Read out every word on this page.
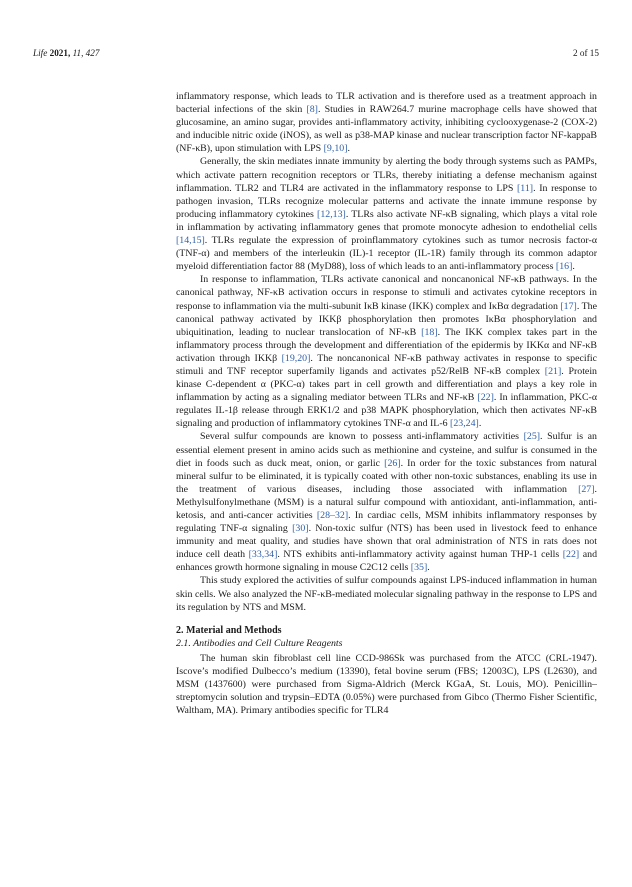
Life 2021, 11, 427	2 of 15

inflammatory response, which leads to TLR activation and is therefore used as a treatment approach in bacterial infections of the skin [8]. Studies in RAW264.7 murine macrophage cells have showed that glucosamine, an amino sugar, provides anti-inflammatory activity, inhibiting cyclooxygenase-2 (COX-2) and inducible nitric oxide (iNOS), as well as p38-MAP kinase and nuclear transcription factor NF-kappaB (NF-κB), upon stimulation with LPS [9,10].

Generally, the skin mediates innate immunity by alerting the body through systems such as PAMPs, which activate pattern recognition receptors or TLRs, thereby initiating a defense mechanism against inflammation. TLR2 and TLR4 are activated in the inflammatory response to LPS [11]. In response to pathogen invasion, TLRs recognize molecular patterns and activate the innate immune response by producing inflammatory cytokines [12,13]. TLRs also activate NF-κB signaling, which plays a vital role in inflammation by activating inflammatory genes that promote monocyte adhesion to endothelial cells [14,15]. TLRs regulate the expression of proinflammatory cytokines such as tumor necrosis factor-α (TNF-α) and members of the interleukin (IL)-1 receptor (IL-1R) family through its common adaptor myeloid differentiation factor 88 (MyD88), loss of which leads to an anti-inflammatory process [16].

In response to inflammation, TLRs activate canonical and noncanonical NF-κB pathways. In the canonical pathway, NF-κB activation occurs in response to stimuli and activates cytokine receptors in response to inflammation via the multi-subunit IκB kinase (IKK) complex and IκBα degradation [17]. The canonical pathway activated by IKKβ phosphorylation then promotes IκBα phosphorylation and ubiquitination, leading to nuclear translocation of NF-κB [18]. The IKK complex takes part in the inflammatory process through the development and differentiation of the epidermis by IKKα and NF-κB activation through IKKβ [19,20]. The noncanonical NF-κB pathway activates in response to specific stimuli and TNF receptor superfamily ligands and activates p52/RelB NF-κB complex [21]. Protein kinase C-dependent α (PKC-α) takes part in cell growth and differentiation and plays a key role in inflammation by acting as a signaling mediator between TLRs and NF-κB [22]. In inflammation, PKC-α regulates IL-1β release through ERK1/2 and p38 MAPK phosphorylation, which then activates NF-κB signaling and production of inflammatory cytokines TNF-α and IL-6 [23,24].

Several sulfur compounds are known to possess anti-inflammatory activities [25]. Sulfur is an essential element present in amino acids such as methionine and cysteine, and sulfur is consumed in the diet in foods such as duck meat, onion, or garlic [26]. In order for the toxic substances from natural mineral sulfur to be eliminated, it is typically coated with other non-toxic substances, enabling its use in the treatment of various diseases, including those associated with inflammation [27]. Methylsulfonylmethane (MSM) is a natural sulfur compound with antioxidant, anti-inflammation, anti-ketosis, and anti-cancer activities [28–32]. In cardiac cells, MSM inhibits inflammatory responses by regulating TNF-α signaling [30]. Non-toxic sulfur (NTS) has been used in livestock feed to enhance immunity and meat quality, and studies have shown that oral administration of NTS in rats does not induce cell death [33,34]. NTS exhibits anti-inflammatory activity against human THP-1 cells [22] and enhances growth hormone signaling in mouse C2C12 cells [35].

This study explored the activities of sulfur compounds against LPS-induced inflammation in human skin cells. We also analyzed the NF-κB-mediated molecular signaling pathway in the response to LPS and its regulation by NTS and MSM.

2. Material and Methods
2.1. Antibodies and Cell Culture Reagents

The human skin fibroblast cell line CCD-986Sk was purchased from the ATCC (CRL-1947). Iscove’s modified Dulbecco’s medium (13390), fetal bovine serum (FBS; 12003C), LPS (L2630), and MSM (1437600) were purchased from Sigma-Aldrich (Merck KGaA, St. Louis, MO). Penicillin–streptomycin solution and trypsin–EDTA (0.05%) were purchased from Gibco (Thermo Fisher Scientific, Waltham, MA). Primary antibodies specific for TLR4
